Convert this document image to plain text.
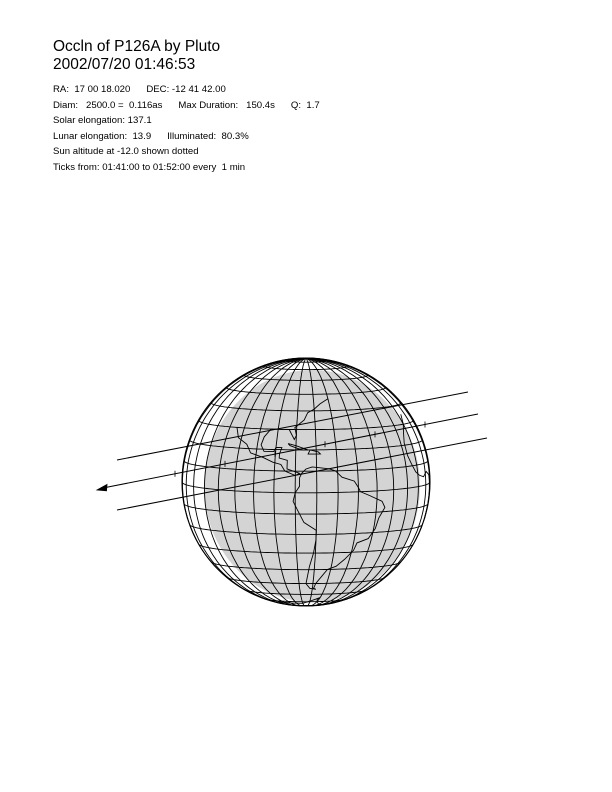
Occln of P126A by Pluto
2002/07/20 01:46:53
RA:  17 00 18.020      DEC: -12 41 42.00
Diam:   2500.0 =  0.116as      Max Duration:   150.4s      Q:  1.7
Solar elongation: 137.1
Lunar elongation:  13.9      Illuminated:  80.3%
Sun altitude at -12.0 shown dotted
Ticks from: 01:41:00 to 01:52:00 every  1 min
